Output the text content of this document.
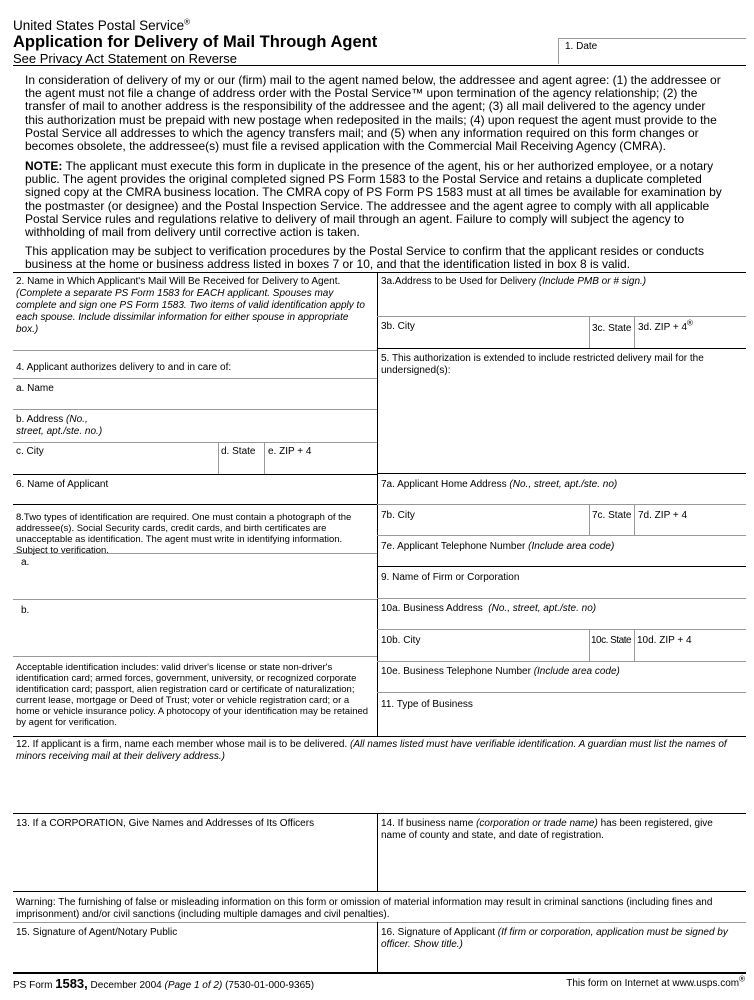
United States Postal Service®
Application for Delivery of Mail Through Agent
See Privacy Act Statement on Reverse
1. Date
In consideration of delivery of my or our (firm) mail to the agent named below, the addressee and agent agree: (1) the addressee or the agent must not file a change of address order with the Postal Service™ upon termination of the agency relationship; (2) the transfer of mail to another address is the responsibility of the addressee and the agent; (3) all mail delivered to the agency under this authorization must be prepaid with new postage when redeposited in the mails; (4) upon request the agent must provide to the Postal Service all addresses to which the agency transfers mail; and (5) when any information required on this form changes or becomes obsolete, the addressee(s) must file a revised application with the Commercial Mail Receiving Agency (CMRA).
NOTE: The applicant must execute this form in duplicate in the presence of the agent, his or her authorized employee, or a notary public. The agent provides the original completed signed PS Form 1583 to the Postal Service and retains a duplicate completed signed copy at the CMRA business location. The CMRA copy of PS Form PS 1583 must at all times be available for examination by the postmaster (or designee) and the Postal Inspection Service. The addressee and the agent agree to comply with all applicable Postal Service rules and regulations relative to delivery of mail through an agent. Failure to comply will subject the agency to withholding of mail from delivery until corrective action is taken.
This application may be subject to verification procedures by the Postal Service to confirm that the applicant resides or conducts business at the home or business address listed in boxes 7 or 10, and that the identification listed in box 8 is valid.
2. Name in Which Applicant's Mail Will Be Received for Delivery to Agent. (Complete a separate PS Form 1583 for EACH applicant. Spouses may complete and sign one PS Form 1583. Two items of valid identification apply to each spouse. Include dissimilar information for either spouse in appropriate box.)
4. Applicant authorizes delivery to and in care of:
a. Name
b. Address (No., street, apt./ste. no.)
c. City	d. State e. ZIP + 4
6. Name of Applicant
8.Two types of identification are required. One must contain a photograph of the addressee(s). Social Security cards, credit cards, and birth certificates are unacceptable as identification. The agent must write in identifying information. Subject to verification.
a.
b.
Acceptable identification includes: valid driver's license or state non-driver's identification card; armed forces, government, university, or recognized corporate identification card; passport, alien registration card or certificate of naturalization; current lease, mortgage or Deed of Trust; voter or vehicle registration card; or a home or vehicle insurance policy. A photocopy of your identification may be retained by agent for verification.
3a.Address to be Used for Delivery (Include PMB or # sign.)
3b. City	3c. State 3d. ZIP + 4®
5. This authorization is extended to include restricted delivery mail for the undersigned(s):
7a. Applicant Home Address (No., street, apt./ste. no)
7b. City	7c. State 7d. ZIP + 4
7e. Applicant Telephone Number (Include area code)
9. Name of Firm or Corporation
10a. Business Address (No., street, apt./ste. no)
10b. City	10c. State 10d. ZIP + 4
10e. Business Telephone Number (Include area code)
11. Type of Business
12. If applicant is a firm, name each member whose mail is to be delivered. (All names listed must have verifiable identification. A guardian must list the names of minors receiving mail at their delivery address.)
13. If a CORPORATION, Give Names and Addresses of Its Officers	14. If business name (corporation or trade name) has been registered, give name of county and state, and date of registration.
Warning: The furnishing of false or misleading information on this form or omission of material information may result in criminal sanctions (including fines and imprisonment) and/or civil sanctions (including multiple damages and civil penalties).
15. Signature of Agent/Notary Public	16. Signature of Applicant (If firm or corporation, application must be signed by officer. Show title.)
PS Form 1583, December 2004 (Page 1 of 2) (7530-01-000-9365)	This form on Internet at www.usps.com®
